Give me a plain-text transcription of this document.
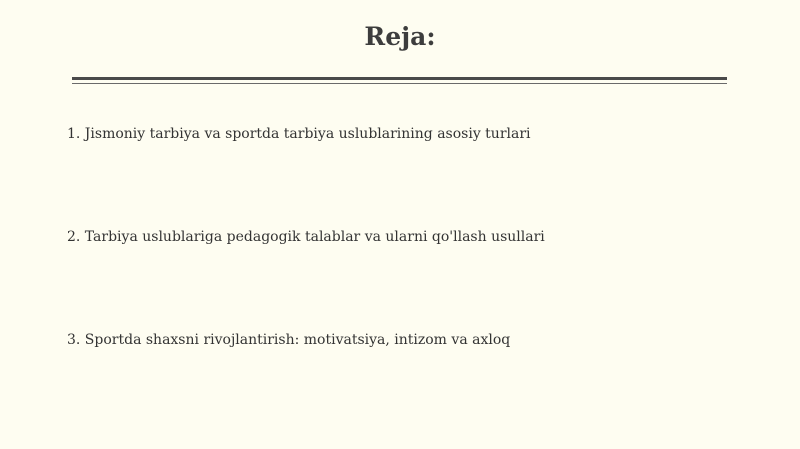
Reja:
1. Jismoniy tarbiya va sportda tarbiya uslublarining asosiy turlari
2. Tarbiya uslublariga pedagogik talablar va ularni qo'llash usullari
3. Sportda shaxsni rivojlantirish: motivatsiya, intizom va axloq
